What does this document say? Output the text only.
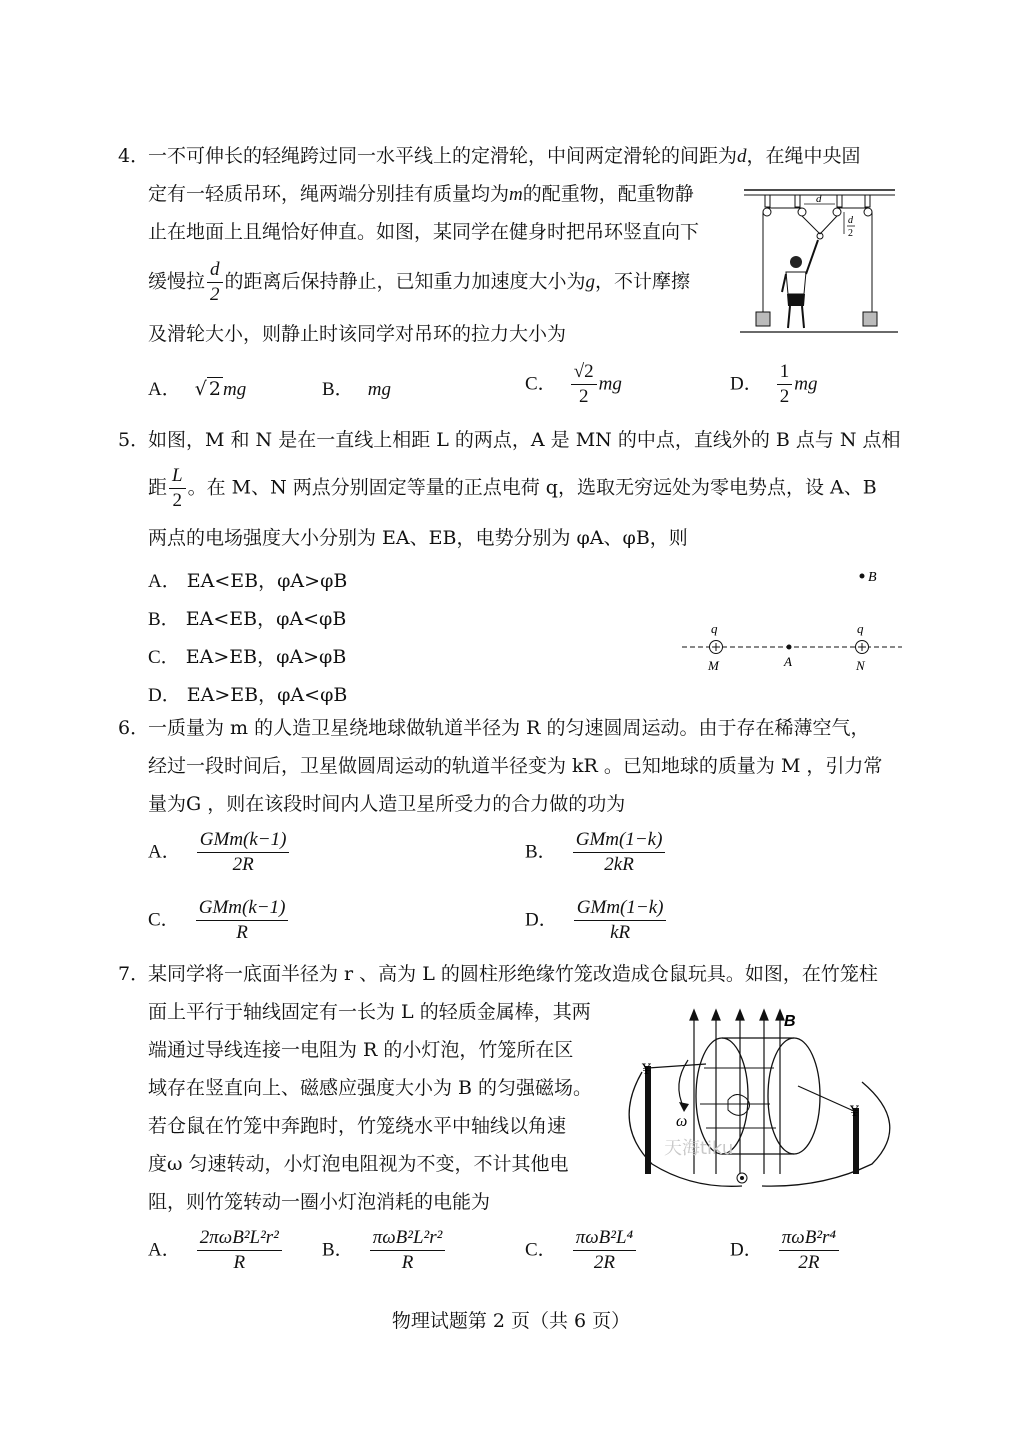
4．
一不可伸长的轻绳跨过同一水平线上的定滑轮，中间两定滑轮的间距为d，在绳中央固
定有一轻质吊环，绳两端分别挂有质量均为m的配重物，配重物静
止在地面上且绳恰好伸直。如图，某同学在健身时把吊环竖直向下
缓慢拉 $\frac{d}{2}$ 的距离后保持静止，已知重力加速度大小为g，不计摩擦
及滑轮大小，则静止时该同学对吊环的拉力大小为
d
d
2
A． √ 2 mg	B． mg	C． $\frac{√2}{2}$ mg	D． $\frac{1}{2}$ mg
5．
如图，M 和 N 是在一直线上相距 L 的两点，A 是 MN 的中点，直线外的 B 点与 N 点相
距 $\frac{L}{2}$ 。在 M、N 两点分别固定等量的正点电荷 q，选取无穷远处为零电势点，设 A、B
两点的电场强度大小分别为 EA、EB，电势分别为 φA、φB，则
A． EA<EB，φA>φB
B． EA<EB，φA<φB
C． EA>EB，φA>φB
D． EA>EB，φA<φB
B
q	q
M	A	N
6．
一质量为 m 的人造卫星绕地球做轨道半径为 R 的匀速圆周运动。由于存在稀薄空气，
经过一段时间后，卫星做圆周运动的轨道半径变为 kR 。已知地球的质量为 M ，引力常
量为G ，则在该段时间内人造卫星所受力的合力做的功为
A． $\frac{\text{GMm(k−1)}}{2R}$	B． $\frac{\text{GMm(1−k)}}{2kR}$
C． $\frac{\text{GMm(k−1)}}{R}$	D． $\frac{\text{GMm(1−k)}}{kR}$
7．
某同学将一底面半径为 r 、高为 L 的圆柱形绝缘竹笼改造成仓鼠玩具。如图，在竹笼柱
面上平行于轴线固定有一长为 L 的轻质金属棒，其两
端通过导线连接一电阻为 R 的小灯泡，竹笼所在区
域存在竖直向上、磁感应强度大小为 B 的匀强磁场。
若仓鼠在竹笼中奔跑时，竹笼绕水平中轴线以角速
度ω 匀速转动，小灯泡电阻视为不变，不计其他电
阻，则竹笼转动一圈小灯泡消耗的电能为
¥
¥
B
ω
天海tiku
A． $\frac{\text{2πωB²L²r²}}{R}$ B． $\frac{\text{πωB²L²r²}}{R}$	C． $\frac{\text{πωB²L⁴}}{2R}$	D． $\frac{\text{πωB²r⁴}}{2R}$
物理试题第 2 页（共 6 页）
